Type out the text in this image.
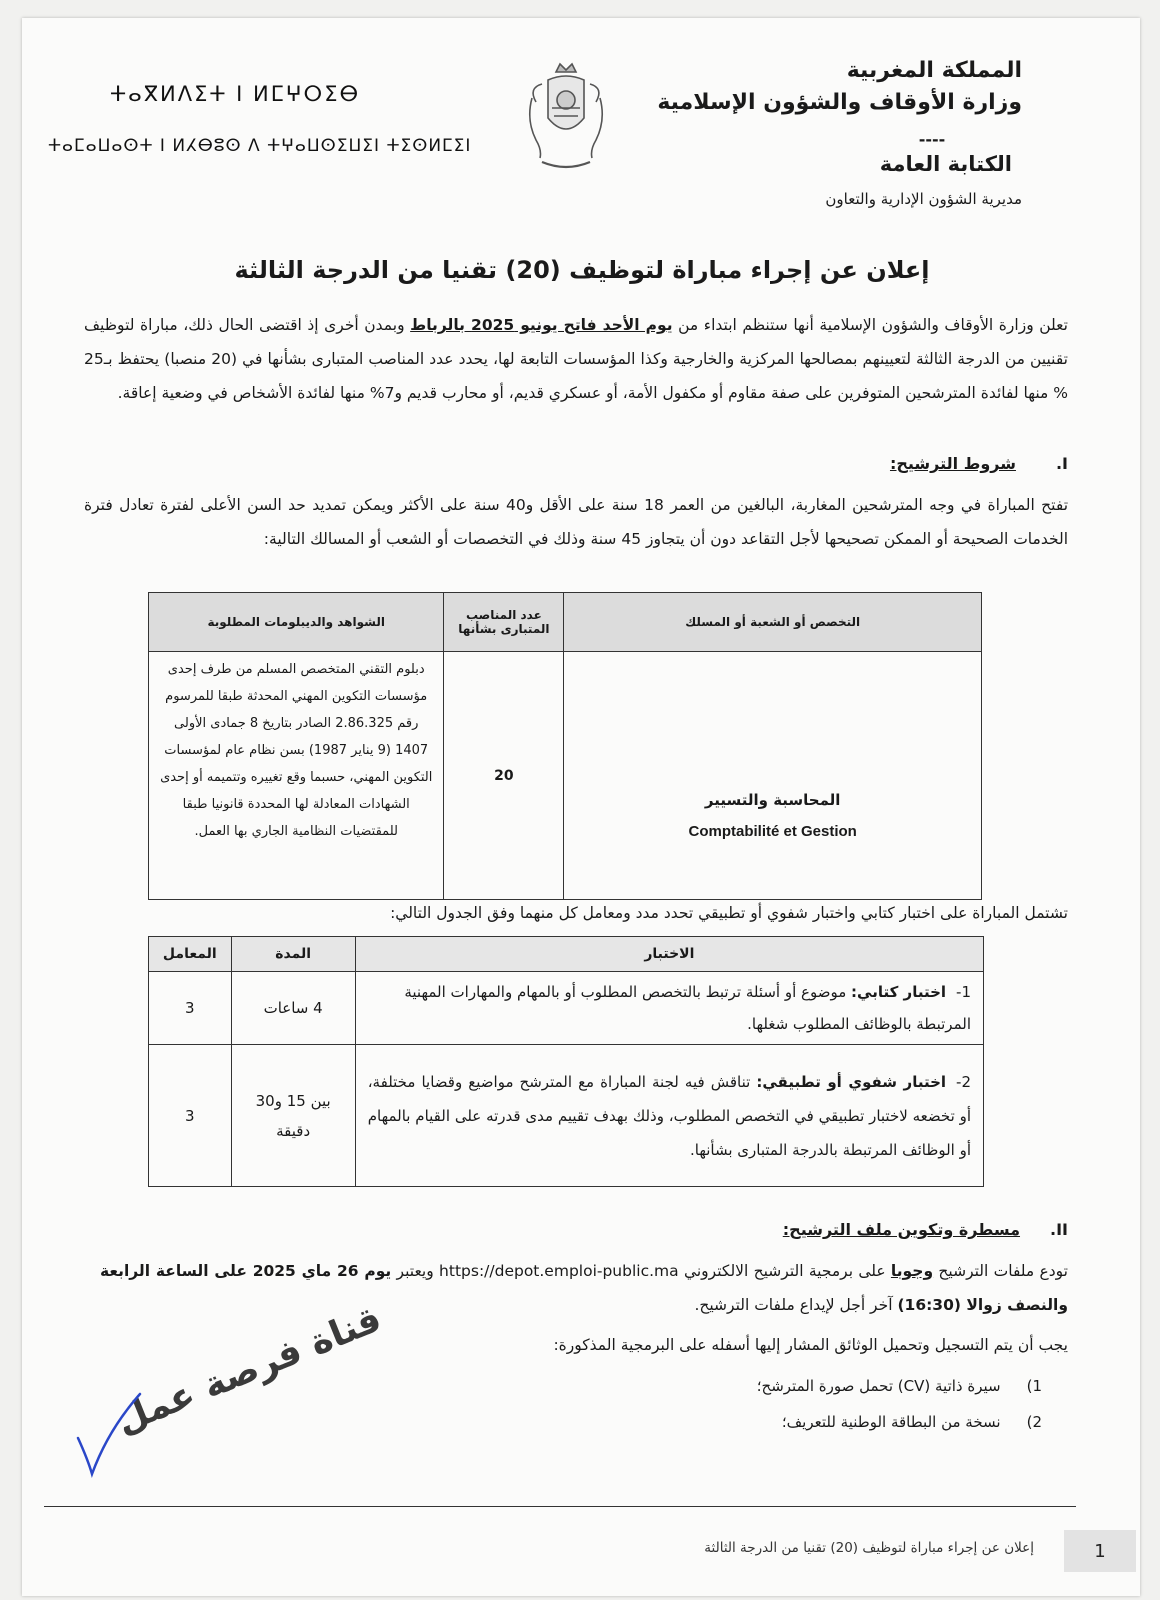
المملكة المغربية
وزارة الأوقاف والشؤون الإسلامية
----
الكتابة العامة
مديرية الشؤون الإدارية والتعاون
ⵜⴰⴳⵍⴷⵉⵜ ⵏ ⵍⵎⵖⵔⵉⴱ
ⵜⴰⵎⴰⵡⴰⵙⵜ ⵏ ⵍⵃⴱⵓⵙ ⴷ ⵜⵖⴰⵡⵙⵉⵡⵉⵏ ⵜⵉⵙⵍⵎⵉⵏ
إعلان عن إجراء مباراة لتوظيف (20) تقنيا من الدرجة الثالثة
تعلن وزارة الأوقاف والشؤون الإسلامية أنها ستنظم ابتداء من يوم الأحد فاتح يونيو 2025 بالرباط وبمدن أخرى إذ اقتضى الحال ذلك، مباراة لتوظيف تقنيين من الدرجة الثالثة لتعيينهم بمصالحها المركزية والخارجية وكذا المؤسسات التابعة لها، يحدد عدد المناصب المتبارى بشأنها في (20 منصبا) يحتفظ بـ25 % منها لفائدة المترشحين المتوفرين على صفة مقاوم أو مكفول الأمة، أو عسكري قديم، أو محارب قديم و7% منها لفائدة الأشخاص في وضعية إعاقة.
I.شروط الترشيح:
تفتح المباراة في وجه المترشحين المغاربة، البالغين من العمر 18 سنة على الأقل و40 سنة على الأكثر ويمكن تمديد حد السن الأعلى لفترة تعادل فترة الخدمات الصحيحة أو الممكن تصحيحها لأجل التقاعد دون أن يتجاوز 45 سنة وذلك في التخصصات أو الشعب أو المسالك التالية:
التخصص أو الشعبة أو المسلك	عدد المناصب المتبارى بشأنها	الشواهد والديبلومات المطلوبة

المحاسبة والتسيير
Comptabilité et Gestion	20	دبلوم التقني المتخصص المسلم من طرف إحدى مؤسسات التكوين المهني المحدثة طبقا للمرسوم رقم 2.86.325 الصادر بتاريخ 8 جمادى الأولى 1407 (9 يناير 1987) بسن نظام عام لمؤسسات التكوين المهني، حسبما وقع تغييره وتتميمه أو إحدى الشهادات المعادلة لها المحددة قانونيا طبقا للمقتضيات النظامية الجاري بها العمل.
تشتمل المباراة على اختبار كتابي واختبار شفوي أو تطبيقي تحدد مدد ومعامل كل منهما وفق الجدول التالي:
الاختبار	المدة	المعامل
1-اختبار كتابي: موضوع أو أسئلة ترتبط بالتخصص المطلوب أو بالمهام والمهارات المهنية المرتبطة بالوظائف المطلوب شغلها.	4 ساعات	3
2-اختبار شفوي أو تطبيقي: تناقش فيه لجنة المباراة مع المترشح مواضيع وقضايا مختلفة، أو تخضعه لاختبار تطبيقي في التخصص المطلوب، وذلك بهدف تقييم مدى قدرته على القيام بالمهام أو الوظائف المرتبطة بالدرجة المتبارى بشأنها.	بين 15 و30 دقيقة	3
II.مسطرة وتكوين ملف الترشيح:
تودع ملفات الترشيح وجوبا على برمجية الترشيح الالكتروني https://depot.emploi-public.ma ويعتبر يوم 26 ماي 2025 على الساعة الرابعة والنصف زوالا (16:30) آخر أجل لإيداع ملفات الترشيح.
يجب أن يتم التسجيل وتحميل الوثائق المشار إليها أسفله على البرمجية المذكورة:
1)سيرة ذاتية (CV) تحمل صورة المترشح؛
2)نسخة من البطاقة الوطنية للتعريف؛
قناة فرصة عمل
إعلان عن إجراء مباراة لتوظيف (20) تقنيا من الدرجة الثالثة	1
